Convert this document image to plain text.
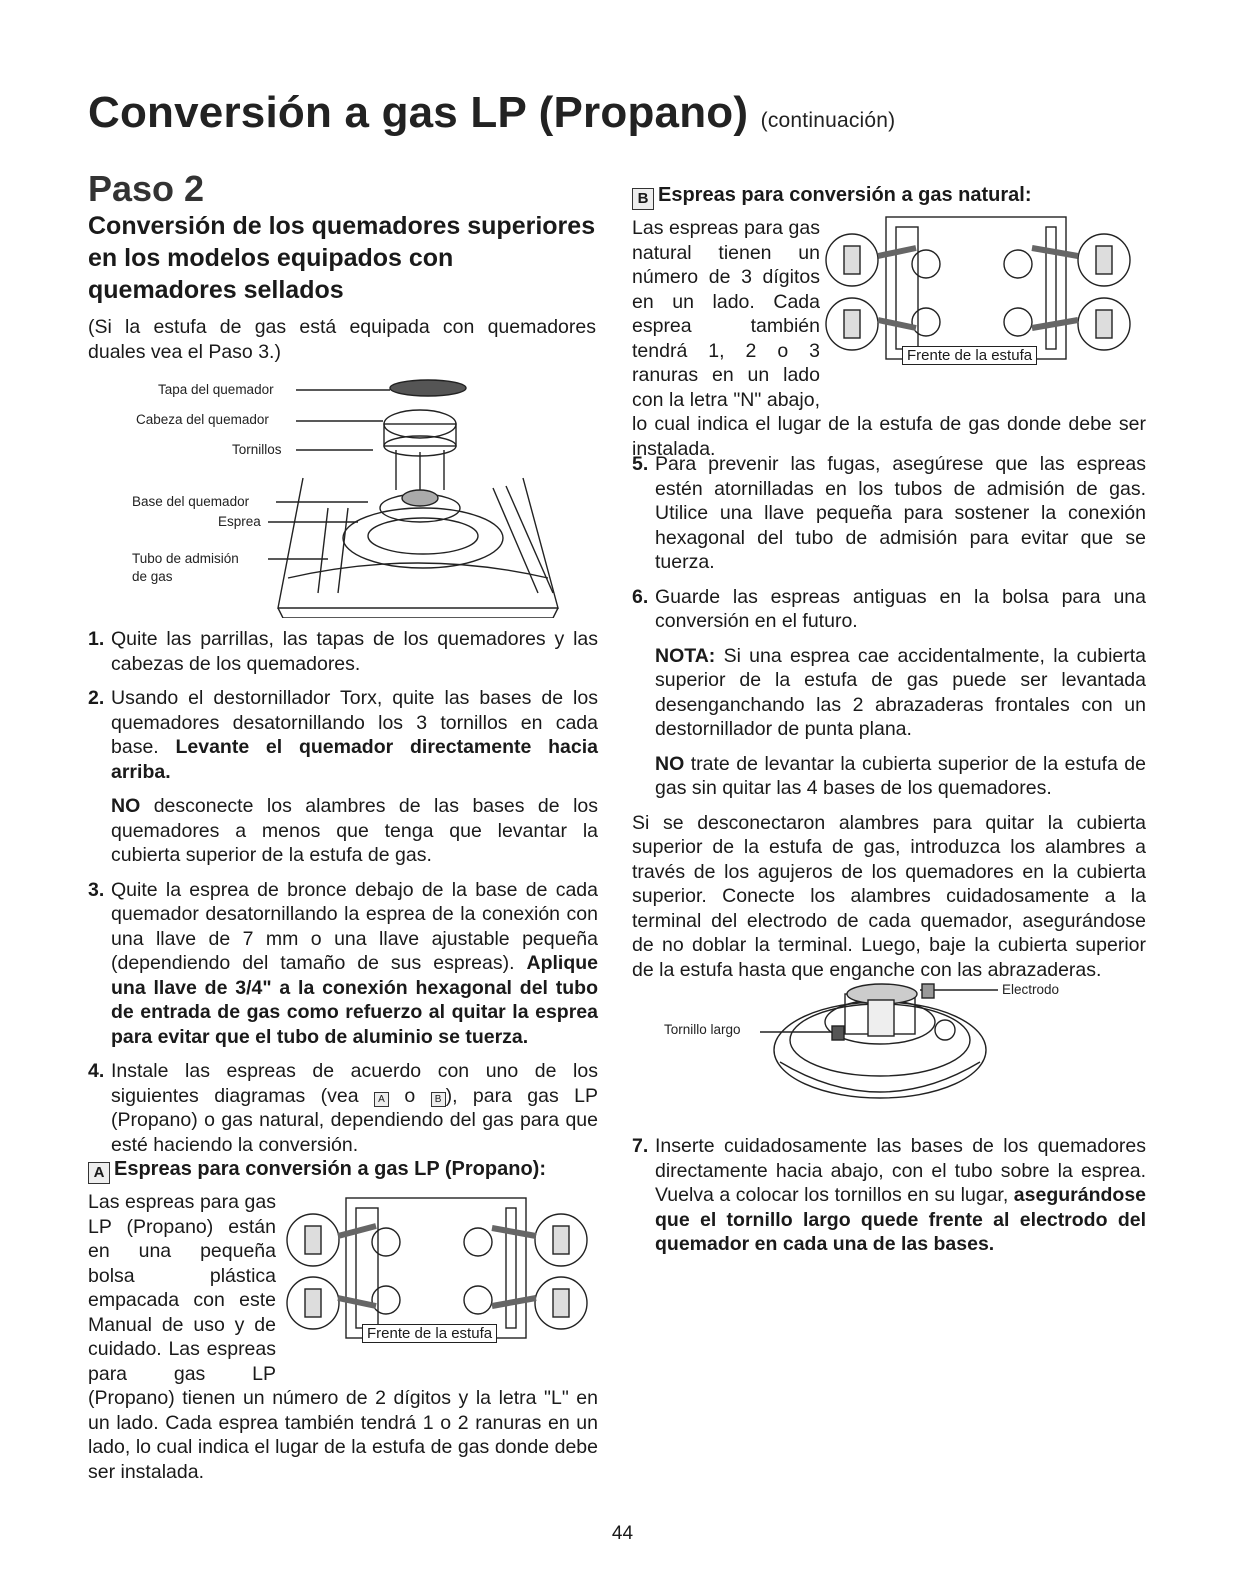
Conversión a gas LP (Propano) (continuación)
Paso 2
Conversión de los quemadores superiores en los modelos equipados con quemadores sellados
(Si la estufa de gas está equipada con quemadores duales vea el Paso 3.)
Tapa del quemador
Cabeza del quemador
Tornillos
Base del quemador
Esprea
Tubo de admisión
de gas
1. Quite las parrillas, las tapas de los quemadores y las cabezas de los quemadores.
2. Usando el destornillador Torx, quite las bases de los quemadores desatornillando los 3 tornillos en cada base. Levante el quemador directamente hacia arriba.
NO desconecte los alambres de las bases de los quemadores a menos que tenga que levantar la cubierta superior de la estufa de gas.
3. Quite la esprea de bronce debajo de la base de cada quemador desatornillando la esprea de la conexión con una llave de 7 mm o una llave ajustable pequeña (dependiendo del tamaño de sus espreas). Aplique una llave de 3/4" a la conexión hexagonal del tubo de entrada de gas como refuerzo al quitar la esprea para evitar que el tubo de aluminio se tuerza.
4. Instale las espreas de acuerdo con uno de los siguientes diagramas (vea A o B ), para gas LP (Propano) o gas natural, dependiendo del gas para que esté haciendo la conversión.
A Espreas para conversión a gas LP (Propano):
Frente de la estufa
Las espreas para gas LP (Propano) están en una pequeña bolsa plástica empacada con este Manual de uso y de cuidado. Las espreas para gas LP (Propano) tienen un número de 2 dígitos y la letra "L" en un lado. Cada esprea también tendrá 1 o 2 ranuras en un lado, lo cual indica el lugar de la estufa de gas donde debe ser instalada.
B Espreas para conversión a gas natural:
Frente de la estufa
Las espreas para gas natural tienen un número de 3 dígitos en un lado. Cada esprea también tendrá 1, 2 o 3 ranuras en un lado con la letra "N" abajo, lo cual indica el lugar de la estufa de gas donde debe ser instalada.
5. Para prevenir las fugas, asegúrese que las espreas estén atornilladas en los tubos de admisión de gas. Utilice una llave pequeña para sostener la conexión hexagonal del tubo de admisión para evitar que se tuerza.
6. Guarde las espreas antiguas en la bolsa para una conversión en el futuro.
NOTA: Si una esprea cae accidentalmente, la cubierta superior de la estufa de gas puede ser levantada desenganchando las 2 abrazaderas frontales con un destornillador de punta plana.
NO trate de levantar la cubierta superior de la estufa de gas sin quitar las 4 bases de los quemadores.
Si se desconectaron alambres para quitar la cubierta superior de la estufa de gas, introduzca los alambres a través de los agujeros de los quemadores en la cubierta superior. Conecte los alambres cuidadosamente a la terminal del electrodo de cada quemador, asegurándose de no doblar la terminal. Luego, baje la cubierta superior de la estufa hasta que enganche con las abrazaderas.
Electrodo
Tornillo largo
7. Inserte cuidadosamente las bases de los quemadores directamente hacia abajo, con el tubo sobre la esprea. Vuelva a colocar los tornillos en su lugar, asegurándose que el tornillo largo quede frente al electrodo del quemador en cada una de las bases.
44
